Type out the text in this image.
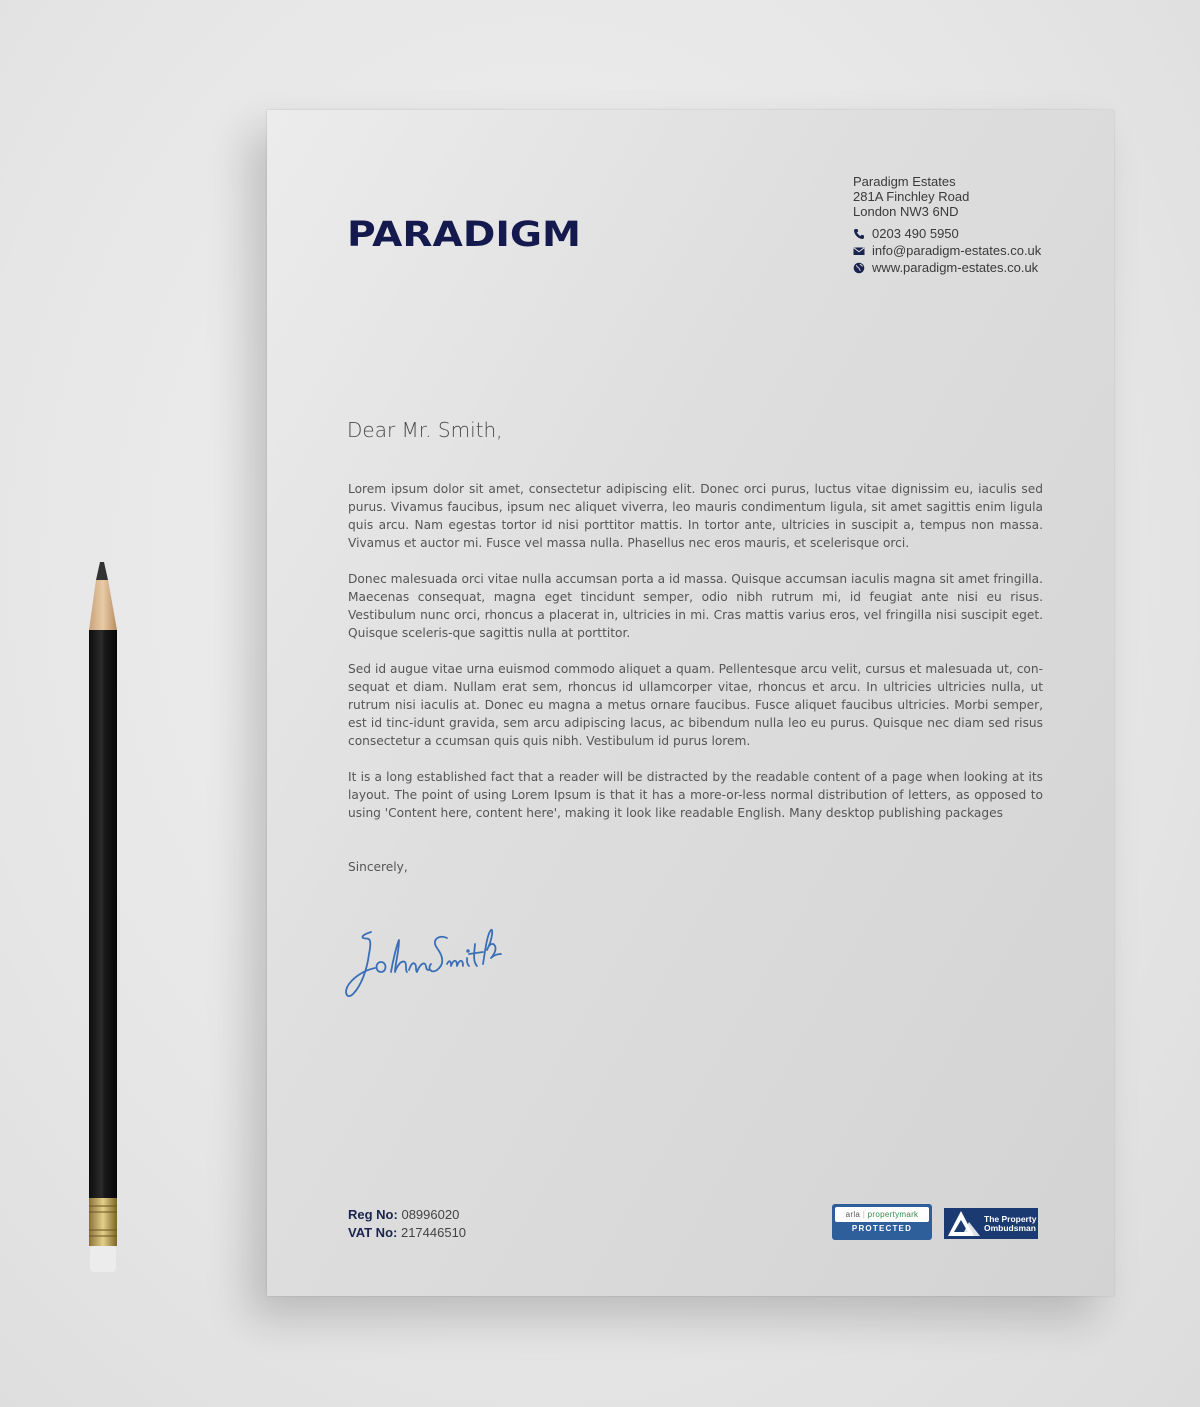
PARADIGM
Paradigm Estates
281A Finchley Road
London NW3 6ND
0203 490 5950
info@paradigm-estates.co.uk
www.paradigm-estates.co.uk
Dear Mr. Smith,

Lorem ipsum dolor sit amet, consectetur adipiscing elit. Donec orci purus, luctus vitae dignissim eu, iaculis sed purus. Vivamus faucibus, ipsum nec aliquet viverra, leo mauris condimentum ligula, sit amet sagittis enim ligula quis arcu. Nam egestas tortor id nisi porttitor mattis. In tortor ante, ultricies in suscipit a, tempus non massa. Vivamus et auctor mi. Fusce vel massa nulla. Phasellus nec eros mauris, et scelerisque orci.

Donec malesuada orci vitae nulla accumsan porta a id massa. Quisque accumsan iaculis magna sit amet fringilla. Maecenas consequat, magna eget tincidunt semper, odio nibh rutrum mi, id feugiat ante nisi eu risus. Vestibulum nunc orci, rhoncus a placerat in, ultricies in mi. Cras mattis varius eros, vel fringilla nisi suscipit eget. Quisque sceleris-que sagittis nulla at porttitor.

Sed id augue vitae urna euismod commodo aliquet a quam. Pellentesque arcu velit, cursus et malesuada ut, con-sequat et diam. Nullam erat sem, rhoncus id ullamcorper vitae, rhoncus et arcu. In ultricies ultricies nulla, ut rutrum nisi iaculis at. Donec eu magna a metus ornare faucibus. Fusce aliquet faucibus ultricies. Morbi semper, est id tinc-idunt gravida, sem arcu adipiscing lacus, ac bibendum nulla leo eu purus. Quisque nec diam sed risus consectetur a ccumsan quis quis nibh. Vestibulum id purus lorem.

It is a long established fact that a reader will be distracted by the readable content of a page when looking at its layout. The point of using Lorem Ipsum is that it has a more-or-less normal distribution of letters, as opposed to using 'Content here, content here', making it look like readable English. Many desktop publishing packages

Sincerely,
Reg No: 08996020
VAT No: 217446510
arla | propertymark
PROTECTED
The Property
Ombudsman
